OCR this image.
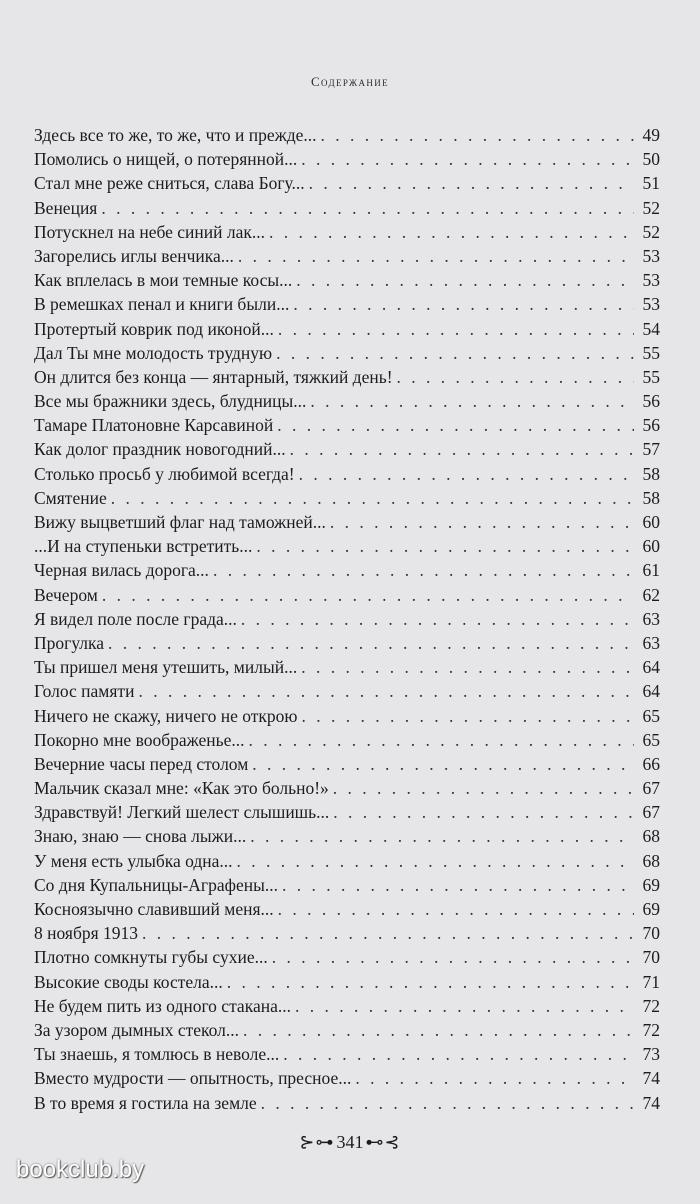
Содержание
Здесь все то же, то же, что и прежде... . . .	49
Помолись о нищей, о потерянной... . . .	50
Стал мне реже сниться, слава Богу... . . .	51
Венеция . . .	52
Потускнел на небе синий лак... . . .	52
Загорелись иглы венчика... . . .	53
Как вплелась в мои темные косы... . . .	53
В ремешках пенал и книги были... . . .	53
Протертый коврик под иконой... . . .	54
Дал Ты мне молодость трудную . . .	55
Он длится без конца — янтарный, тяжкий день! . . .	55
Все мы бражники здесь, блудницы... . . .	56
Тамаре Платоновне Карсавиной . . .	56
Как долог праздник новогодний... . . .	57
Столько просьб у любимой всегда! . . .	58
Смятение . . .	58
Вижу выцветший флаг над таможней... . . .	60
...И на ступеньки встретить... . . .	60
Черная вилась дорога... . . .	61
Вечером . . .	62
Я видел поле после града... . . .	63
Прогулка . . .	63
Ты пришел меня утешить, милый... . . .	64
Голос памяти . . .	64
Ничего не скажу, ничего не открою . . .	65
Покорно мне воображенье... . . .	65
Вечерние часы перед столом . . .	66
Мальчик сказал мне: «Как это больно!» . . .	67
Здравствуй! Легкий шелест слышишь... . . .	67
Знаю, знаю — снова лыжи... . . .	68
У меня есть улыбка одна... . . .	68
Со дня Купальницы-Аграфены... . . .	69
Косноязычно славивший меня... . . .	69
8 ноября 1913 . . .	70
Плотно сомкнуты губы сухие... . . .	70
Высокие своды костела... . . .	71
Не будем пить из одного стакана... . . .	72
За узором дымных стекол... . . .	72
Ты знаешь, я томлюсь в неволе... . . .	73
Вместо мудрости — опытность, пресное... . . .	74
В то время я гостила на земле . . .	74
⊱⊶ 341 ⊷⊰
bookclub.by
